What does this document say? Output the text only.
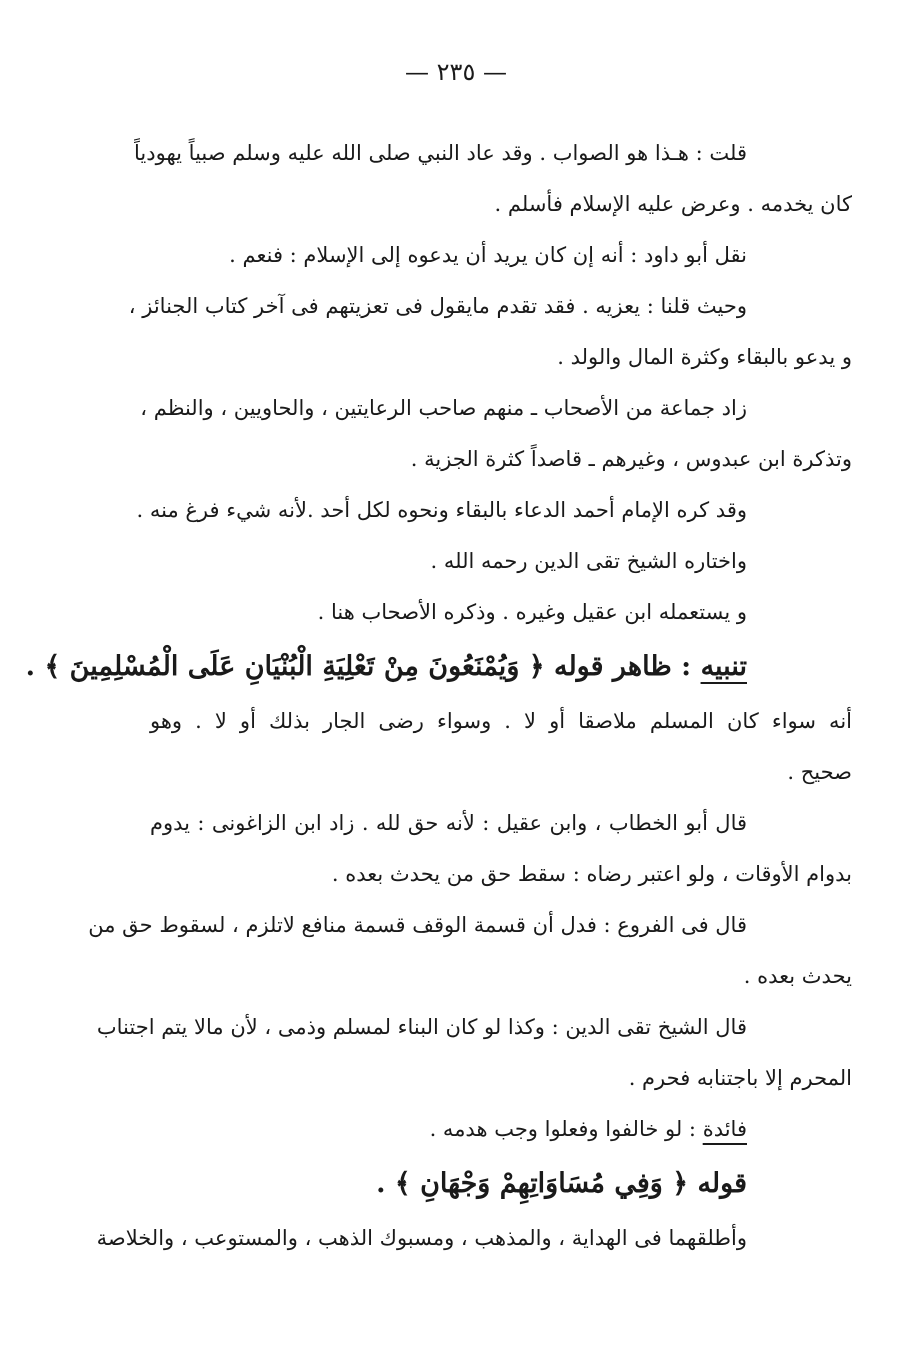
— ٢٣٥ —
قلت : هـذا هو الصواب . وقد عاد النبي صلى الله عليه وسلم صبياً يهودياً
كان يخدمه . وعرض عليه الإسلام فأسلم .
نقل أبو داود : أنه إن كان يريد أن يدعوه إلى الإسلام : فنعم .
وحيث قلنا : يعزيه . فقد تقدم مايقول فى تعزيتهم فى آخر كتاب الجنائز ،
و يدعو بالبقاء وكثرة المال والولد .
زاد جماعة من الأصحاب ـ منهم صاحب الرعايتين ، والحاويين ، والنظم ،
وتذكرة ابن عبدوس ، وغيرهم ـ قاصداً كثرة الجزية .
وقد كره الإمام أحمد الدعاء بالبقاء ونحوه لكل أحد .لأنه شيء فرغ منه .
واختاره الشيخ تقى الدين رحمه الله .
و يستعمله ابن عقيل وغيره . وذكره الأصحاب هنا .
تنبيه : ظاهر قوله ﴿ وَيُمْنَعُونَ مِنْ تَعْلِيَةِ الْبُنْيَانِ عَلَى الْمُسْلِمِينَ ﴾ .
أنه سواء كان المسلم ملاصقا أو لا . وسواء رضى الجار بذلك أو لا . وهو
صحيح .
قال أبو الخطاب ، وابن عقيل : لأنه حق لله . زاد ابن الزاغونى : يدوم
بدوام الأوقات ، ولو اعتبر رضاه : سقط حق من يحدث بعده .
قال فى الفروع : فدل أن قسمة الوقف قسمة منافع لاتلزم ، لسقوط حق من
يحدث بعده .
قال الشيخ تقى الدين : وكذا لو كان البناء لمسلم وذمى ، لأن مالا يتم اجتناب
المحرم إلا باجتنابه فحرم .
فائدة : لو خالفوا وفعلوا وجب هدمه .
قوله ﴿ وَفِي مُسَاوَاتِهِمْ وَجْهَانِ ﴾ .
وأطلقهما فى الهداية ، والمذهب ، ومسبوك الذهب ، والمستوعب ، والخلاصة
